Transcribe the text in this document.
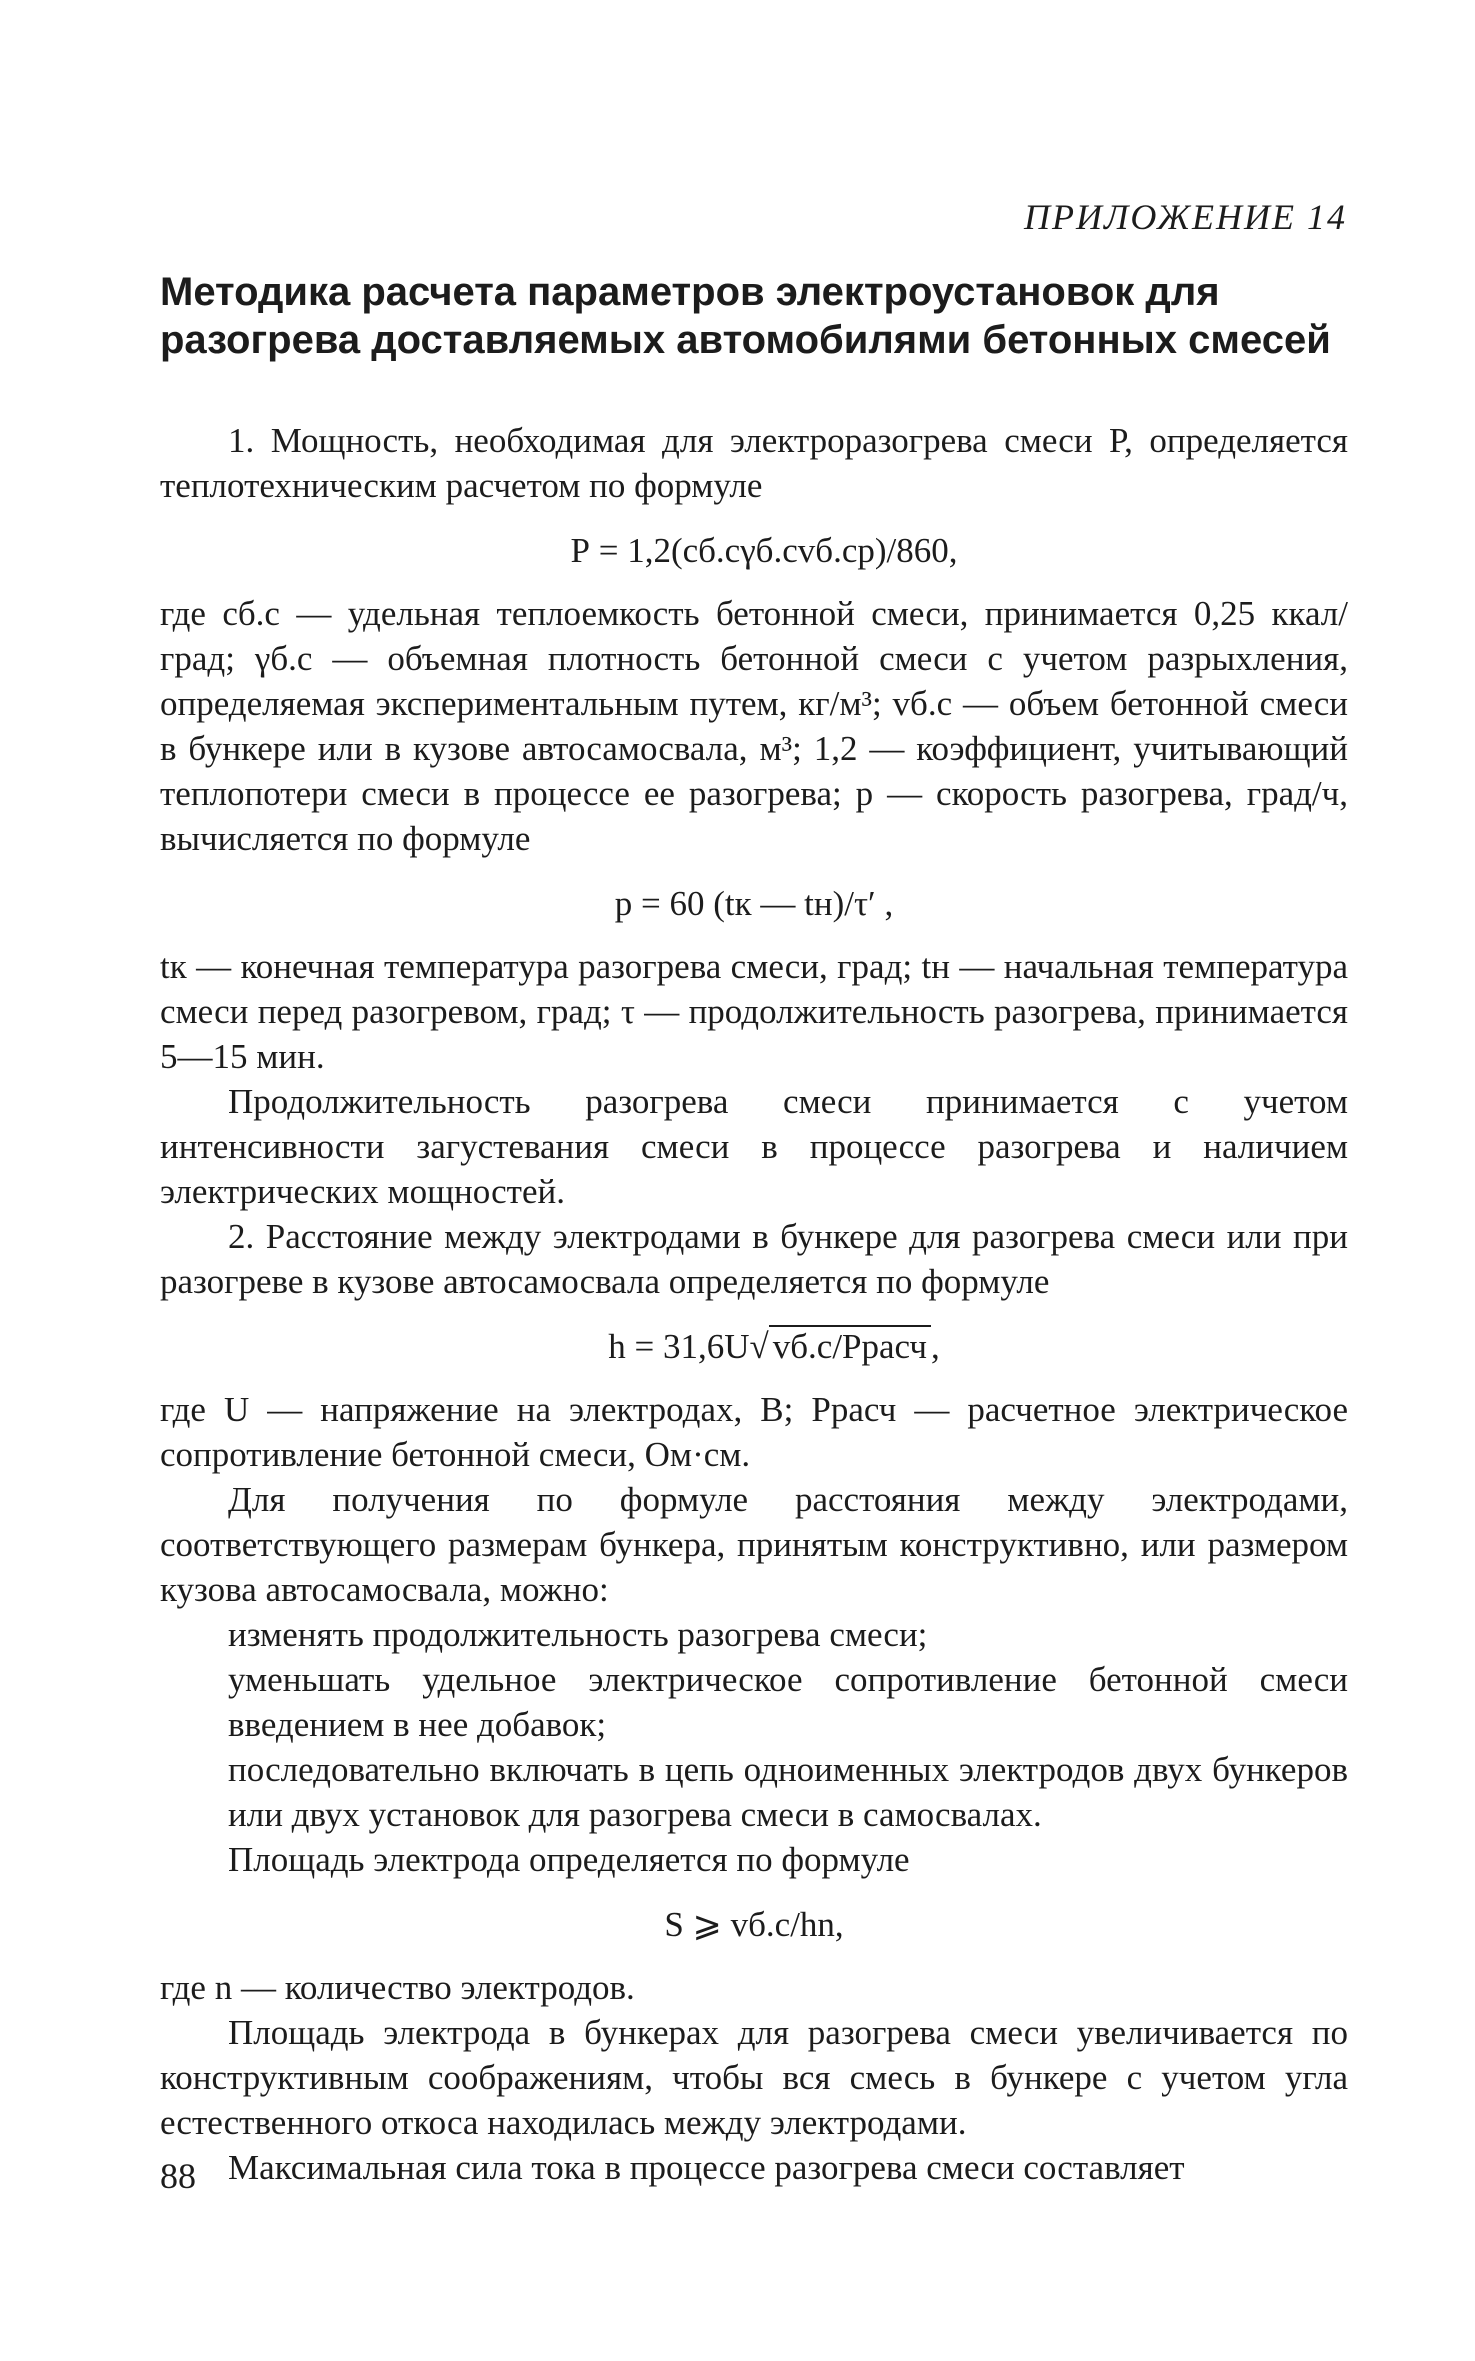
ПРИЛОЖЕНИЕ 14

Методика расчета параметров электроустановок для разогрева доставляемых автомобилями бетонных смесей

1. Мощность, необходимая для электроразогрева смеси Р, определяется теплотехническим расчетом по формуле

Р = 1,2(cб.cγб.cvб.cp)/860,

где cб.с — удельная теплоемкость бетонной смеси, принимается 0,25 ккал/град; γб.с — объемная плотность бетонной смеси с учетом разрыхления, определяемая экспериментальным путем, кг/м³; vб.с — объем бетонной смеси в бункере или в кузове автосамосвала, м³; 1,2 — коэффициент, учитывающий теплопотери смеси в процессе ее разогрева; р — скорость разогрева, град/ч, вычисляется по формуле

р = 60 (tк — tн)/τ′ ,

tк — конечная температура разогрева смеси, град; tн — начальная температура смеси перед разогревом, град; τ — продолжительность разогрева, принимается 5—15 мин.

Продолжительность разогрева смеси принимается с учетом интенсивности загустевания смеси в процессе разогрева и наличием электрических мощностей.

2. Расстояние между электродами в бункере для разогрева смеси или при разогреве в кузове автосамосвала определяется по формуле

h = 31,6U√ vб.с/Pрасч ,

где U — напряжение на электродах, В; Pрасч — расчетное электрическое сопротивление бетонной смеси, Ом·см.

Для получения по формуле расстояния между электродами, соответствующего размерам бункера, принятым конструктивно, или размером кузова автосамосвала, можно:

изменять продолжительность разогрева смеси;

уменьшать удельное электрическое сопротивление бетонной смеси введением в нее добавок;

последовательно включать в цепь одноименных электродов двух бункеров или двух установок для разогрева смеси в самосвалах.

Площадь электрода определяется по формуле

S ⩾ vб.с/hn,

где n — количество электродов.

Площадь электрода в бункерах для разогрева смеси увеличивается по конструктивным соображениям, чтобы вся смесь в бункере с учетом угла естественного откоса находилась между электродами.

Максимальная сила тока в процессе разогрева смеси составляет

88
